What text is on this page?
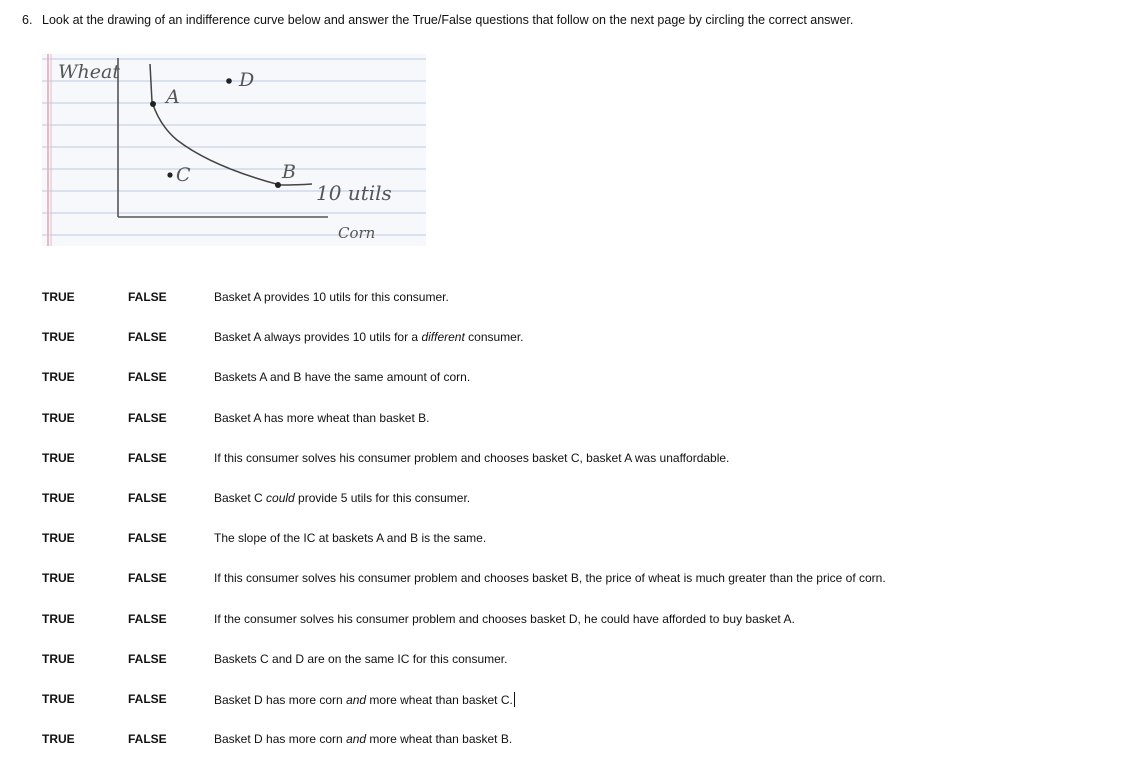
6. Look at the drawing of an indifference curve below and answer the True/False questions that follow on the next page by circling the correct answer.

Wheat
A
D
C	B
10 utils
Corn
TRUE	FALSE	Basket A provides 10 utils for this consumer.
TRUE	FALSE	Basket A always provides 10 utils for a different consumer.
TRUE	FALSE	Baskets A and B have the same amount of corn.
TRUE	FALSE	Basket A has more wheat than basket B.
TRUE	FALSE	If this consumer solves his consumer problem and chooses basket C, basket A was unaffordable.
TRUE	FALSE	Basket C could provide 5 utils for this consumer.
TRUE	FALSE	The slope of the IC at baskets A and B is the same.
TRUE	FALSE	If this consumer solves his consumer problem and chooses basket B, the price of wheat is much greater than the price of corn.
TRUE	FALSE	If the consumer solves his consumer problem and chooses basket D, he could have afforded to buy basket A.
TRUE	FALSE	Baskets C and D are on the same IC for this consumer.
TRUE	FALSE	Basket D has more corn and more wheat than basket C.
TRUE	FALSE	Basket D has more corn and more wheat than basket B.
